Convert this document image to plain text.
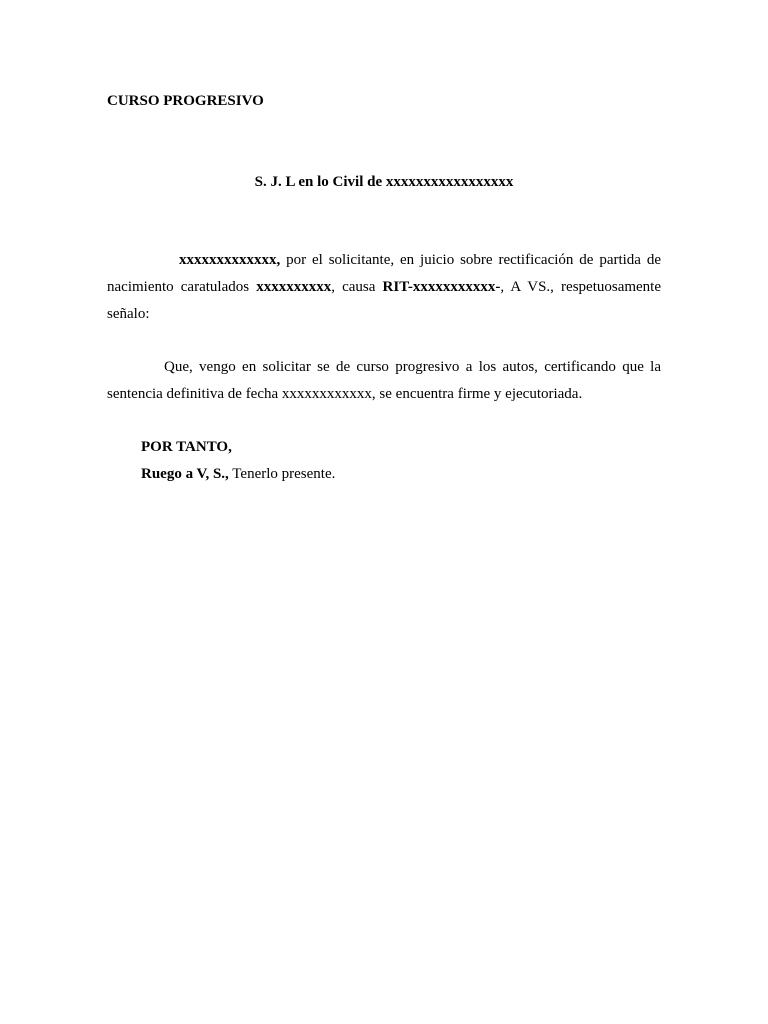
CURSO PROGRESIVO
S. J. L en lo Civil de xxxxxxxxxxxxxxxxx
xxxxxxxxxxxxx, por el solicitante, en juicio sobre rectificación de partida de nacimiento caratulados xxxxxxxxxx, causa RIT-xxxxxxxxxxx-, A VS., respetuosamente señalo:
Que, vengo en solicitar se de curso progresivo a los autos, certificando que la sentencia definitiva de fecha xxxxxxxxxxxx, se encuentra firme y ejecutoriada.
POR TANTO,
Ruego a V, S., Tenerlo presente.
